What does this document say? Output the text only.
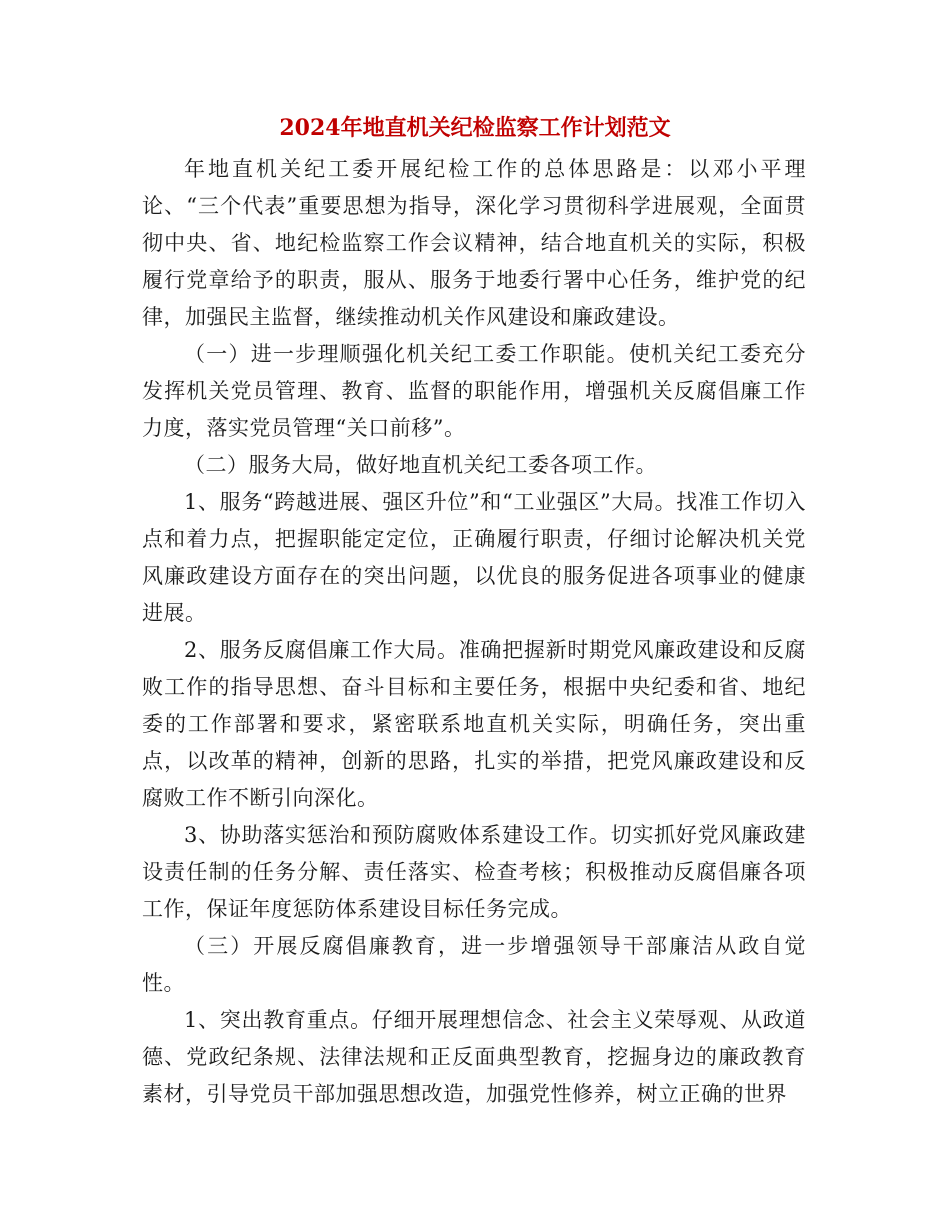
2024年地直机关纪检监察工作计划范文

年地直机关纪工委开展纪检工作的总体思路是：以邓小平理论、“三个代表”重要思想为指导，深化学习贯彻科学进展观，全面贯彻中央、省、地纪检监察工作会议精神，结合地直机关的实际，积极履行党章给予的职责，服从、服务于地委行署中心任务，维护党的纪律，加强民主监督，继续推动机关作风建设和廉政建设。

（一）进一步理顺强化机关纪工委工作职能。使机关纪工委充分发挥机关党员管理、教育、监督的职能作用，增强机关反腐倡廉工作力度，落实党员管理“关口前移”。

（二）服务大局，做好地直机关纪工委各项工作。

1、服务“跨越进展、强区升位”和“工业强区”大局。找准工作切入点和着力点，把握职能定定位，正确履行职责，仔细讨论解决机关党风廉政建设方面存在的突出问题，以优良的服务促进各项事业的健康进展。

2、服务反腐倡廉工作大局。准确把握新时期党风廉政建设和反腐败工作的指导思想、奋斗目标和主要任务，根据中央纪委和省、地纪委的工作部署和要求，紧密联系地直机关实际，明确任务，突出重点，以改革的精神，创新的思路，扎实的举措，把党风廉政建设和反腐败工作不断引向深化。

3、协助落实惩治和预防腐败体系建设工作。切实抓好党风廉政建设责任制的任务分解、责任落实、检查考核；积极推动反腐倡廉各项工作，保证年度惩防体系建设目标任务完成。

（三）开展反腐倡廉教育，进一步增强领导干部廉洁从政自觉性。

1、突出教育重点。仔细开展理想信念、社会主义荣辱观、从政道德、党政纪条规、法律法规和正反面典型教育，挖掘身边的廉政教育素材，引导党员干部加强思想改造，加强党性修养，树立正确的世界
